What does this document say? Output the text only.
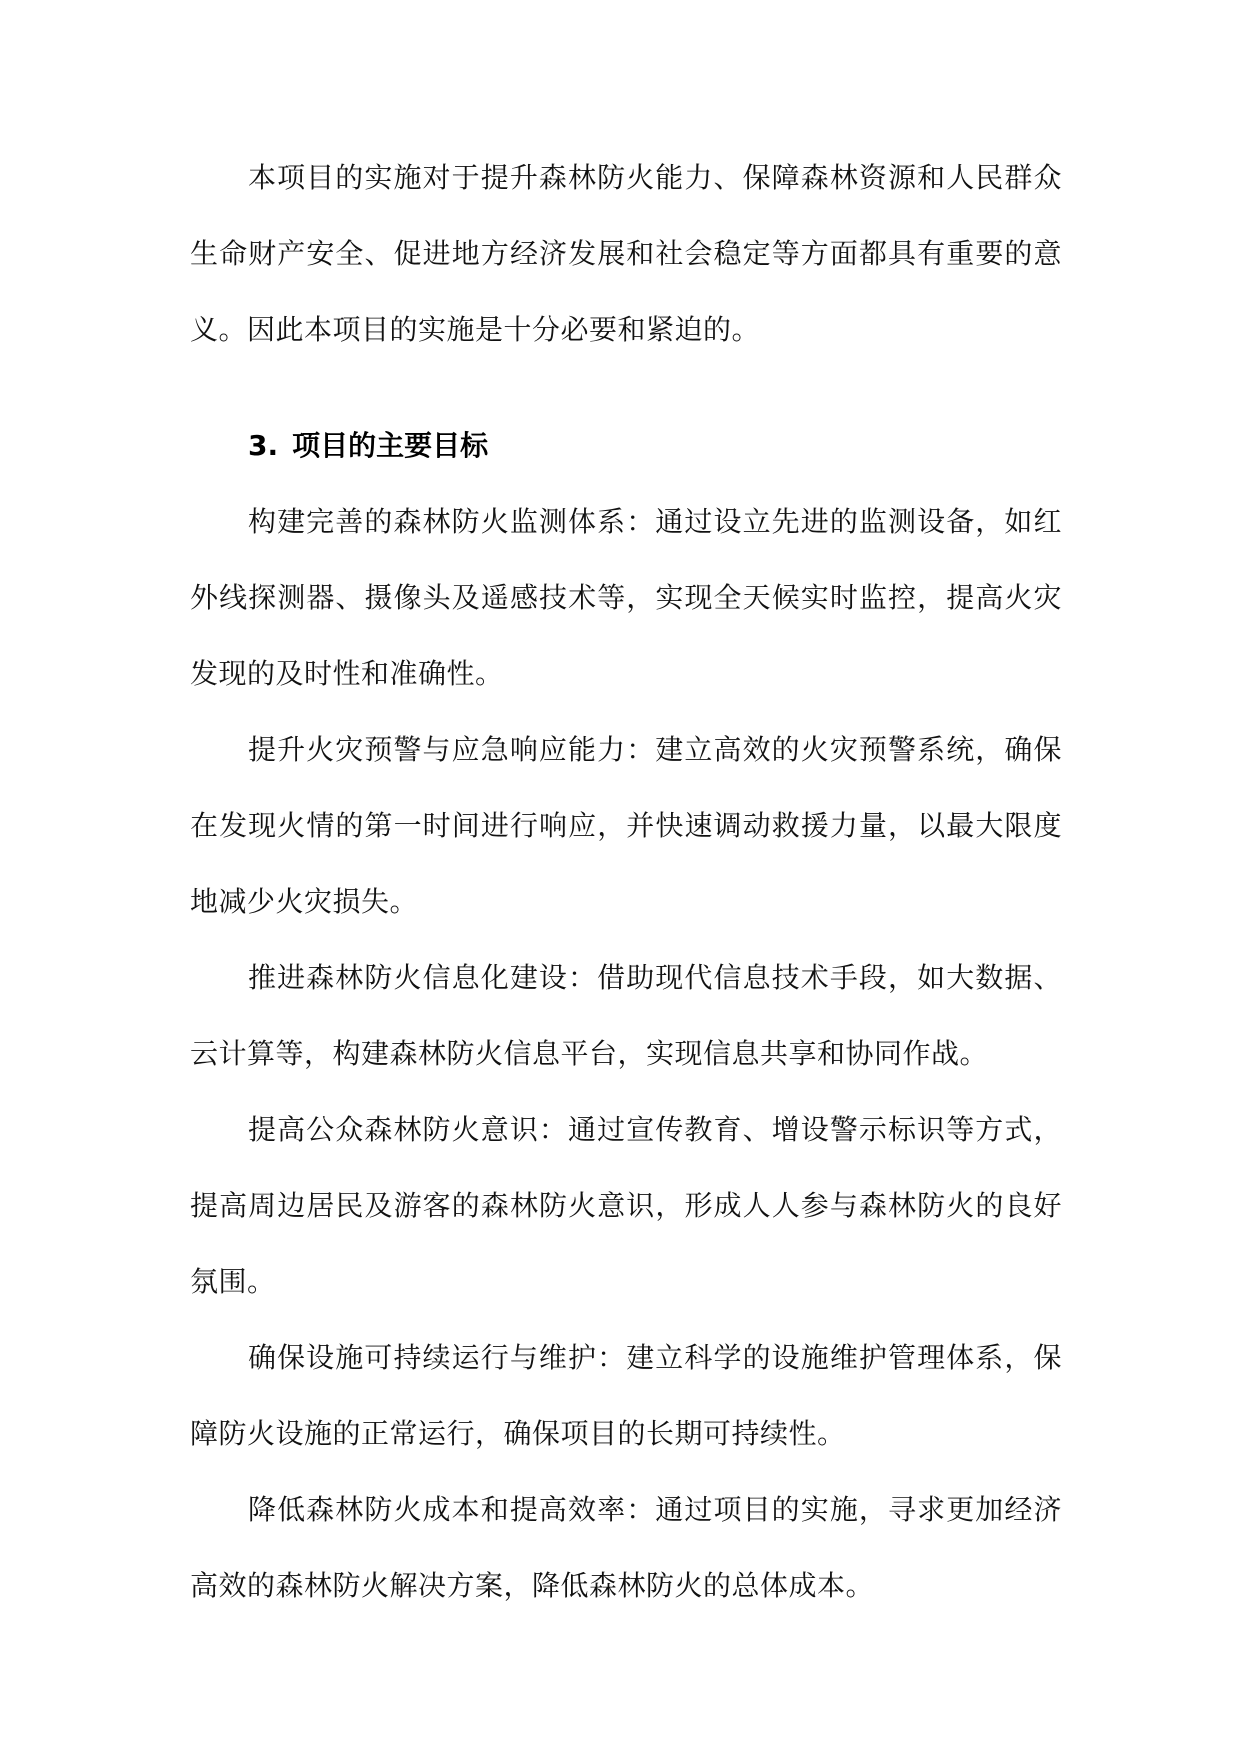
本项目的实施对于提升森林防火能力、保障森林资源和人民群众生命财产安全、促进地方经济发展和社会稳定等方面都具有重要的意义。因此本项目的实施是十分必要和紧迫的。

3. 项目的主要目标

构建完善的森林防火监测体系：通过设立先进的监测设备，如红外线探测器、摄像头及遥感技术等，实现全天候实时监控，提高火灾发现的及时性和准确性。

提升火灾预警与应急响应能力：建立高效的火灾预警系统，确保在发现火情的第一时间进行响应，并快速调动救援力量，以最大限度地减少火灾损失。

推进森林防火信息化建设：借助现代信息技术手段，如大数据、云计算等，构建森林防火信息平台，实现信息共享和协同作战。

提高公众森林防火意识：通过宣传教育、增设警示标识等方式，提高周边居民及游客的森林防火意识，形成人人参与森林防火的良好氛围。

确保设施可持续运行与维护：建立科学的设施维护管理体系，保障防火设施的正常运行，确保项目的长期可持续性。

降低森林防火成本和提高效率：通过项目的实施，寻求更加经济高效的森林防火解决方案，降低森林防火的总体成本。
